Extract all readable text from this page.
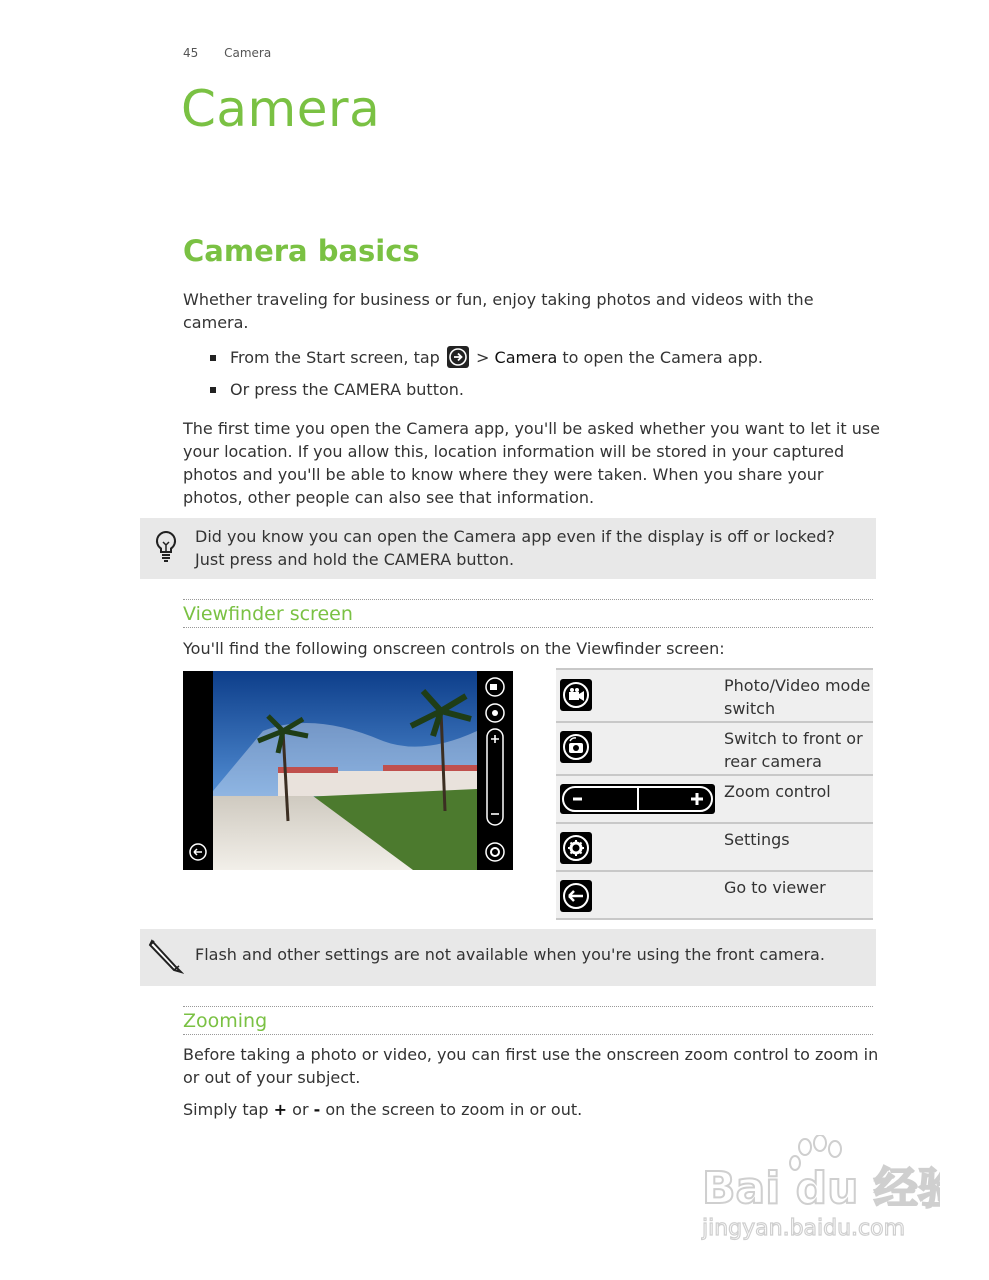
45 Camera
Camera
Camera basics
Whether traveling for business or fun, enjoy taking photos and videos with the camera.
From the Start screen, tap
> Camera to open the Camera app.
Or press the CAMERA button.
The first time you open the Camera app, you'll be asked whether you want to let it use your location. If you allow this, location information will be stored in your captured photos and you'll be able to know where they were taken. When you share your photos, other people can also see that information.
Did you know you can open the Camera app even if the display is off or locked? Just press and hold the CAMERA button.
Viewfinder screen
You'll find the following onscreen controls on the Viewfinder screen:
Photo/Video mode switch
Switch to front or rear camera
Zoom control
Settings
Go to viewer
Flash and other settings are not available when you're using the front camera.
Zooming
Before taking a photo or video, you can first use the onscreen zoom control to zoom in or out of your subject.
Simply tap + or - on the screen to zoom in or out.
Bai du 经验
jingyan.baidu.com
